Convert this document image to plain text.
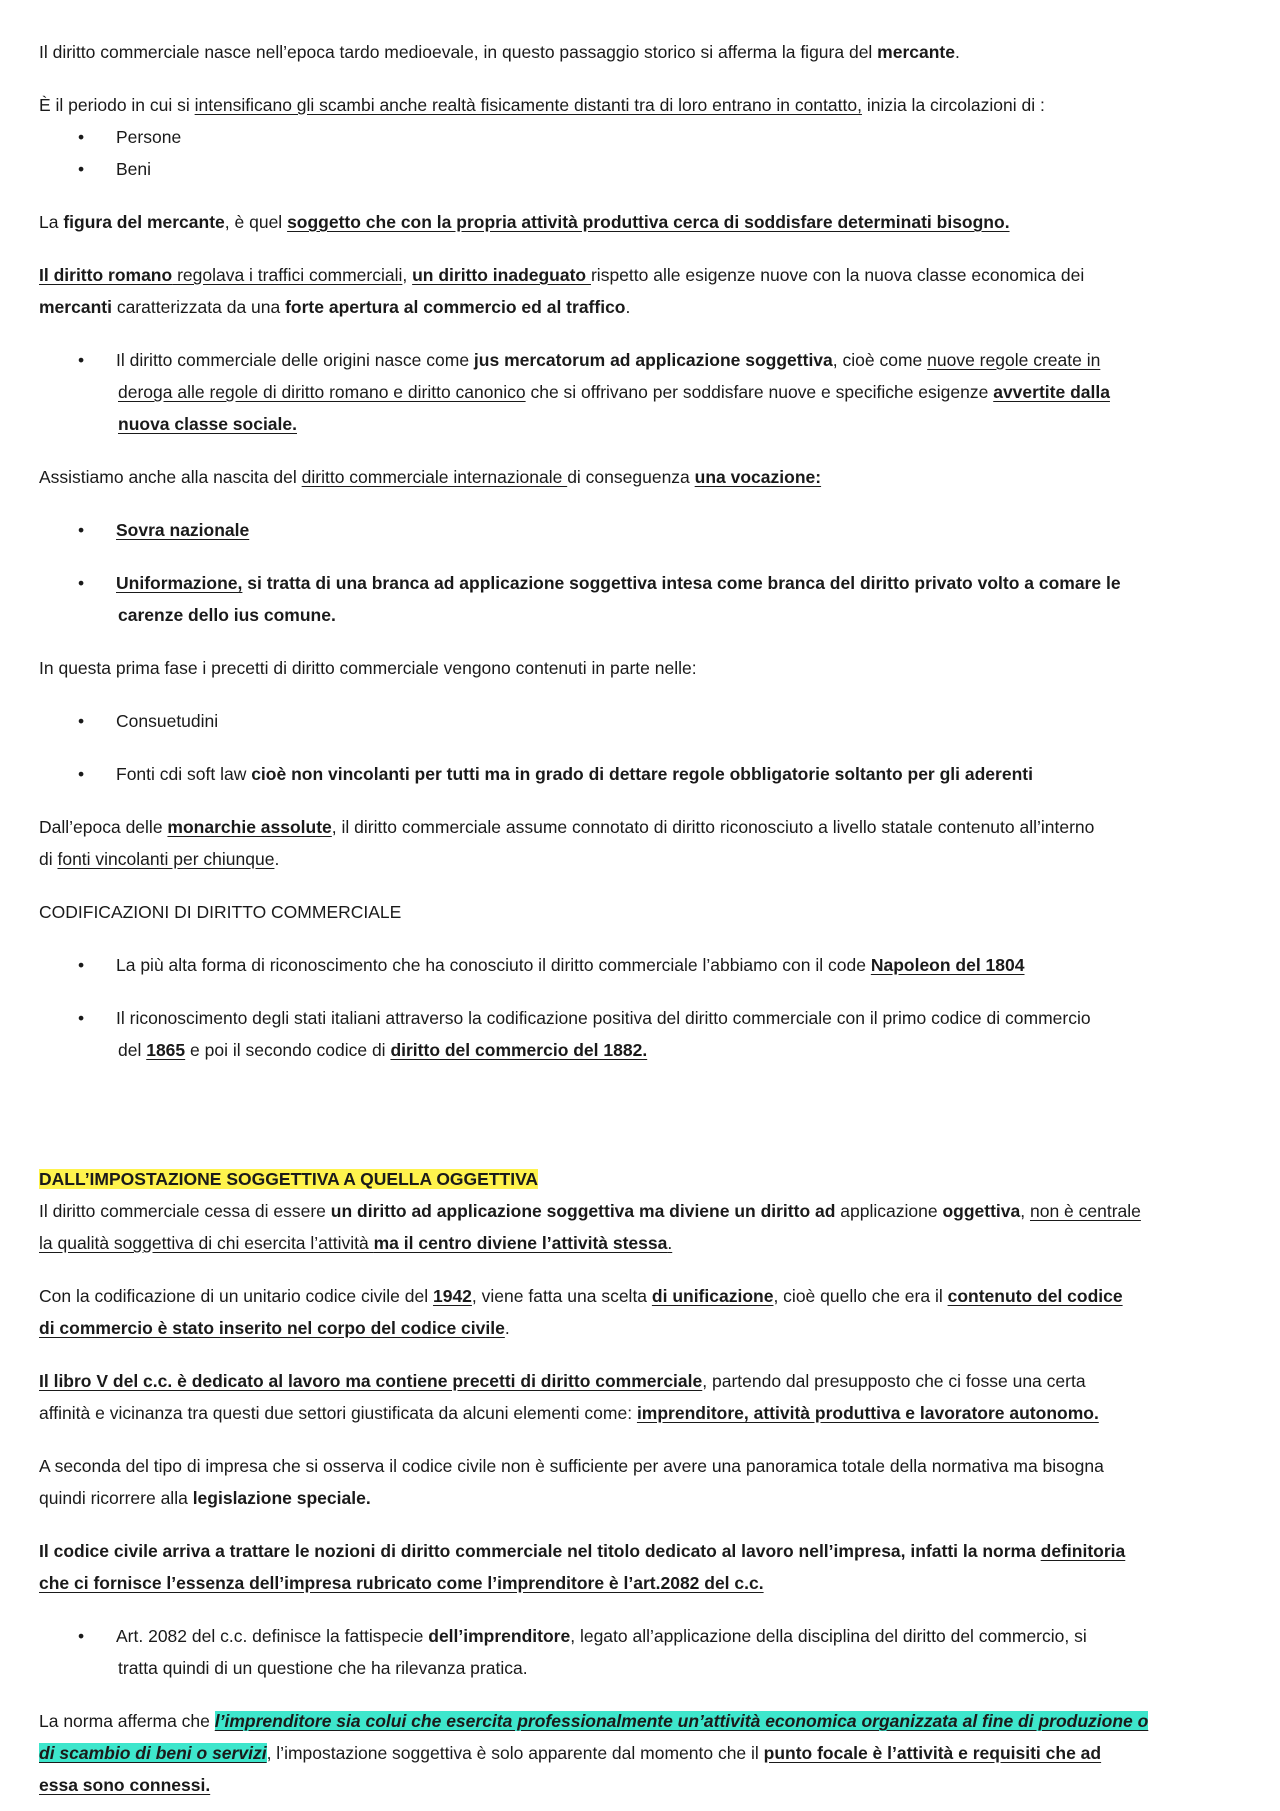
Il diritto commerciale nasce nell’epoca tardo medioevale, in questo passaggio storico si afferma la figura del mercante.

È il periodo in cui si intensificano gli scambi anche realtà fisicamente distanti tra di loro entrano in contatto, inizia la circolazioni di :

• Persone
• Beni

La figura del mercante, è quel soggetto che con la propria attività produttiva cerca di soddisfare determinati bisogno.

Il diritto romano regolava i traffici commerciali, un diritto inadeguato rispetto alle esigenze nuove con la nuova classe economica dei
mercanti caratterizzata da una forte apertura al commercio ed al traffico.

• Il diritto commerciale delle origini nasce come jus mercatorum ad applicazione soggettiva, cioè come nuove regole create in
deroga alle regole di diritto romano e diritto canonico che si offrivano per soddisfare nuove e specifiche esigenze avvertite dalla
nuova classe sociale.

Assistiamo anche alla nascita del diritto commerciale internazionale di conseguenza una vocazione:

• Sovra nazionale
• Uniformazione, si tratta di una branca ad applicazione soggettiva intesa come branca del diritto privato volto a comare le
carenze dello ius comune.

In questa prima fase i precetti di diritto commerciale vengono contenuti in parte nelle:

• Consuetudini
• Fonti cdi soft law cioè non vincolanti per tutti ma in grado di dettare regole obbligatorie soltanto per gli aderenti

Dall’epoca delle monarchie assolute, il diritto commerciale assume connotato di diritto riconosciuto a livello statale contenuto all’interno
di fonti vincolanti per chiunque.

CODIFICAZIONI DI DIRITTO COMMERCIALE

• La più alta forma di riconoscimento che ha conosciuto il diritto commerciale l’abbiamo con il code Napoleon del 1804
• Il riconoscimento degli stati italiani attraverso la codificazione positiva del diritto commerciale con il primo codice di commercio
del 1865 e poi il secondo codice di diritto del commercio del 1882.

DALL’IMPOSTAZIONE SOGGETTIVA A QUELLA OGGETTIVA

Il diritto commerciale cessa di essere un diritto ad applicazione soggettiva ma diviene un diritto ad applicazione oggettiva, non è centrale
la qualità soggettiva di chi esercita l’attività ma il centro diviene l’attività stessa.

Con la codificazione di un unitario codice civile del 1942, viene fatta una scelta di unificazione, cioè quello che era il contenuto del codice
di commercio è stato inserito nel corpo del codice civile.

Il libro V del c.c. è dedicato al lavoro ma contiene precetti di diritto commerciale, partendo dal presupposto che ci fosse una certa
affinità e vicinanza tra questi due settori giustificata da alcuni elementi come: imprenditore, attività produttiva e lavoratore autonomo.

A seconda del tipo di impresa che si osserva il codice civile non è sufficiente per avere una panoramica totale della normativa ma bisogna
quindi ricorrere alla legislazione speciale.

Il codice civile arriva a trattare le nozioni di diritto commerciale nel titolo dedicato al lavoro nell’impresa, infatti la norma definitoria
che ci fornisce l’essenza dell’impresa rubricato come l’imprenditore è l’art.2082 del c.c.

• Art. 2082 del c.c. definisce la fattispecie dell’imprenditore, legato all’applicazione della disciplina del diritto del commercio, si
tratta quindi di un questione che ha rilevanza pratica.

La norma afferma che l’imprenditore sia colui che esercita professionalmente un’attività economica organizzata al fine di produzione o
di scambio di beni o servizi, l’impostazione soggettiva è solo apparente dal momento che il punto focale è l’attività e requisiti che ad
essa sono connessi.
